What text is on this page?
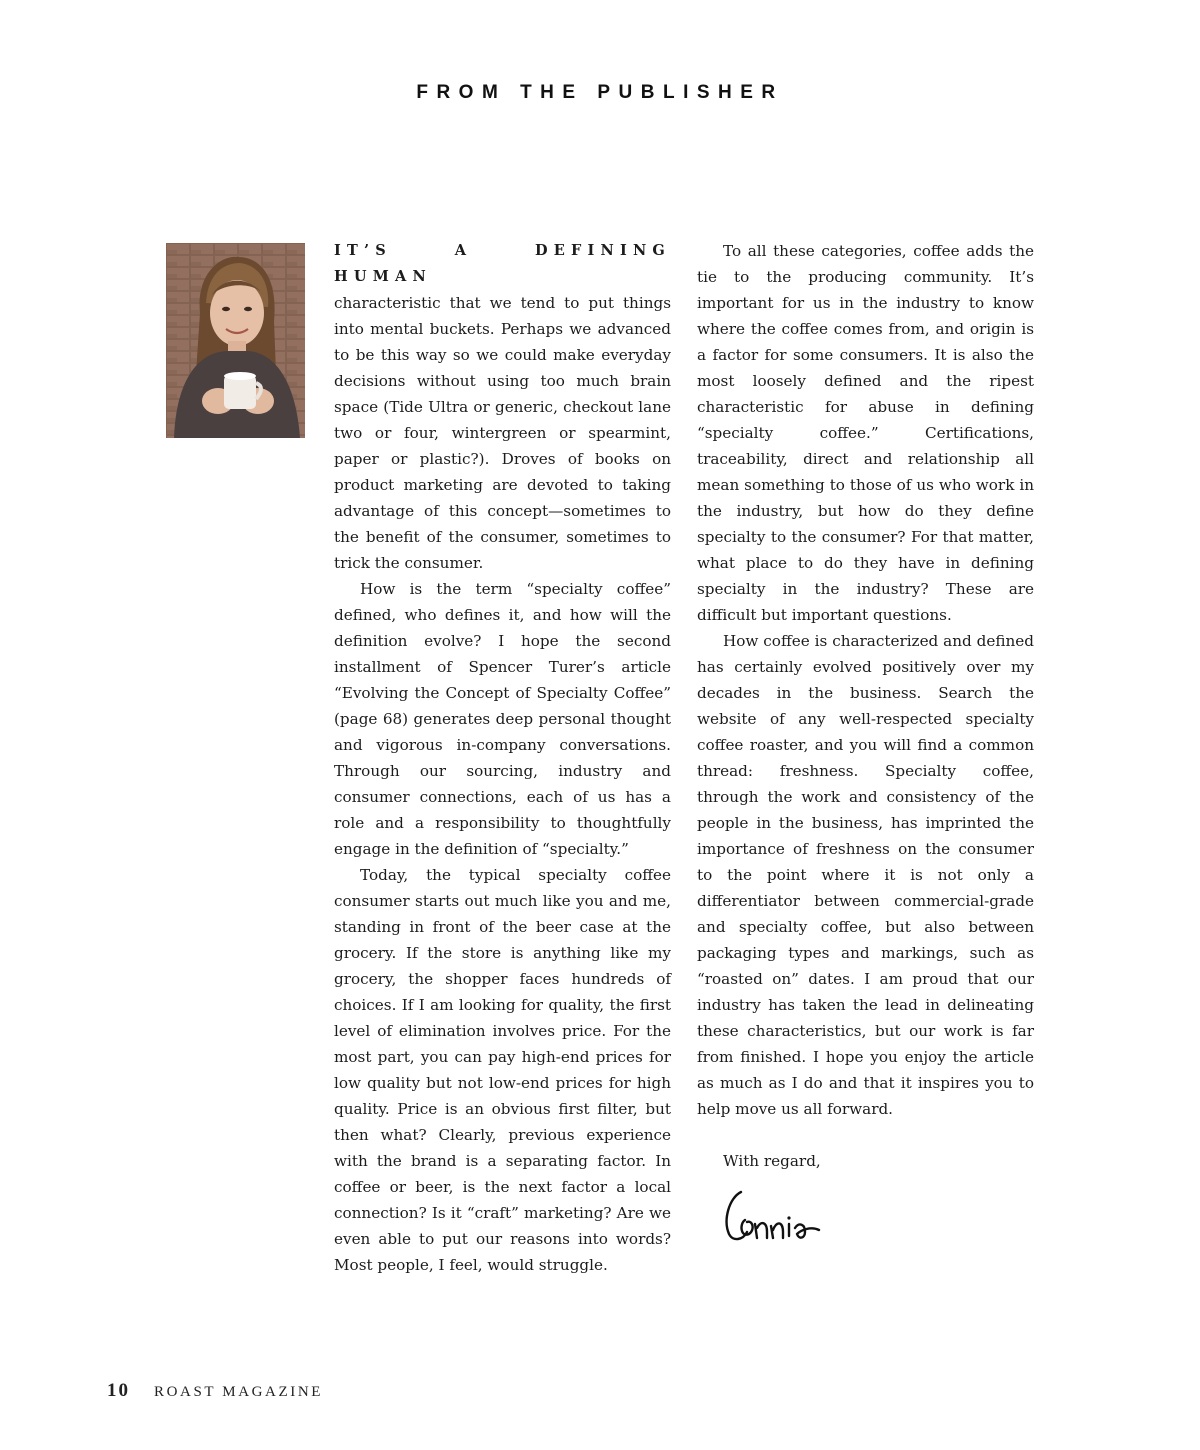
FROM THE PUBLISHER
IT’S A DEFINING HUMAN

characteristic that we tend to put things into mental buckets. Perhaps we advanced to be this way so we could make everyday decisions without using too much brain space (Tide Ultra or generic, checkout lane two or four, wintergreen or spearmint, paper or plastic?). Droves of books on product marketing are devoted to taking advantage of this concept—sometimes to the benefit of the consumer, sometimes to trick the consumer.

How is the term “specialty coffee” defined, who defines it, and how will the definition evolve? I hope the second installment of Spencer Turer’s article “Evolving the Concept of Specialty Coffee” (page 68) generates deep personal thought and vigorous in-company conversations. Through our sourcing, industry and consumer connections, each of us has a role and a responsibility to thoughtfully engage in the definition of “specialty.”

Today, the typical specialty coffee consumer starts out much like you and me, standing in front of the beer case at the grocery. If the store is anything like my grocery, the shopper faces hundreds of choices. If I am looking for quality, the first level of elimination involves price. For the most part, you can pay high-end prices for low quality but not low-end prices for high quality. Price is an obvious first filter, but then what? Clearly, previous experience with the brand is a separating factor. In coffee or beer, is the next factor a local connection? Is it “craft” marketing? Are we even able to put our reasons into words? Most people, I feel, would struggle.

To all these categories, coffee adds the tie to the producing community. It’s important for us in the industry to know where the coffee comes from, and origin is a factor for some consumers. It is also the most loosely defined and the ripest characteristic for abuse in defining “specialty coffee.” Certifications, traceability, direct and relationship all mean something to those of us who work in the industry, but how do they define specialty to the consumer? For that matter, what place to do they have in defining specialty in the industry? These are difficult but important questions.

How coffee is characterized and defined has certainly evolved positively over my decades in the business. Search the website of any well-respected specialty coffee roaster, and you will find a common thread: freshness. Specialty coffee, through the work and consistency of the people in the business, has imprinted the importance of freshness on the consumer to the point where it is not only a differentiator between commercial-grade and specialty coffee, but also between packaging types and markings, such as “roasted on” dates. I am proud that our industry has taken the lead in delineating these characteristics, but our work is far from finished. I hope you enjoy the article as much as I do and that it inspires you to help move us all forward.

With regard,

10 ROAST MAGAZINE
